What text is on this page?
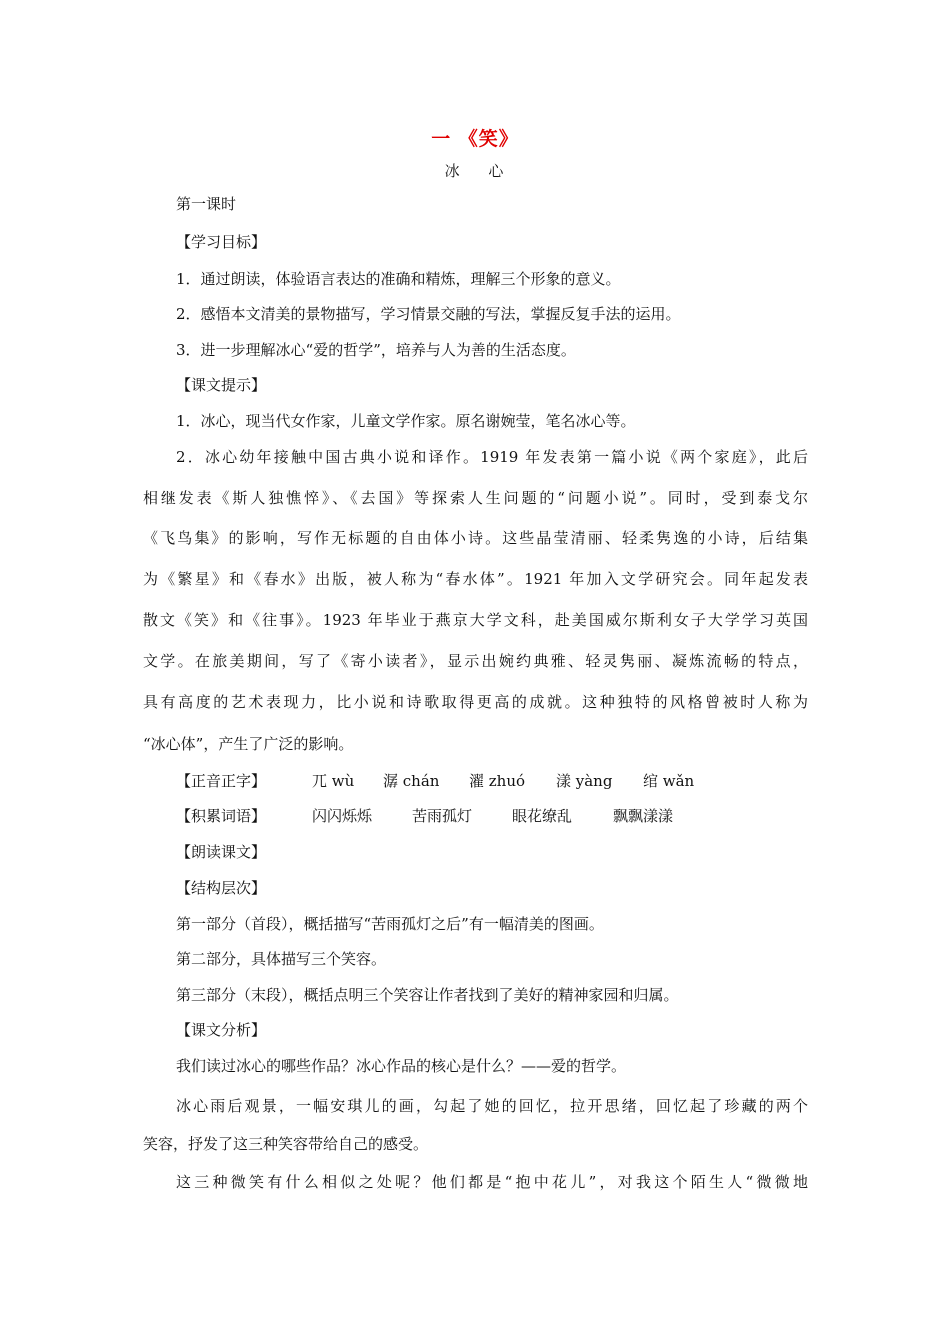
一 《笑》
冰 心
第一课时
【学习目标】
1．通过朗读，体验语言表达的准确和精炼，理解三个形象的意义。
2．感悟本文清美的景物描写，学习情景交融的写法，掌握反复手法的运用。
3．进一步理解冰心“爱的哲学”，培养与人为善的生活态度。
【课文提示】
1．冰心，现当代女作家，儿童文学作家。原名谢婉莹，笔名冰心等。
2．冰心幼年接触中国古典小说和译作。1919 年发表第一篇小说《两个家庭》，此后
相继发表《斯人独憔悴》、《去国》等探索人生问题的“问题小说”。同时，受到泰戈尔
《飞鸟集》的影响，写作无标题的自由体小诗。这些晶莹清丽、轻柔隽逸的小诗，后结集
为《繁星》和《春水》出版，被人称为“春水体”。1921 年加入文学研究会。同年起发表
散文《笑》和《往事》。1923 年毕业于燕京大学文科，赴美国威尔斯利女子大学学习英国
文学。在旅美期间，写了《寄小读者》，显示出婉约典雅、轻灵隽丽、凝炼流畅的特点，
具有高度的艺术表现力，比小说和诗歌取得更高的成就。这种独特的风格曾被时人称为
“冰心体”，产生了广泛的影响。
【正音正字】	兀 wù 潺 chán 濯 zhuó 漾 yàng 绾 wǎn
【积累词语】	闪闪烁烁	苦雨孤灯	眼花缭乱	飘飘漾漾
【朗读课文】
【结构层次】
第一部分（首段），概括描写“苦雨孤灯之后”有一幅清美的图画。
第二部分，具体描写三个笑容。
第三部分（末段），概括点明三个笑容让作者找到了美好的精神家园和归属。
【课文分析】
我们读过冰心的哪些作品？冰心作品的核心是什么？——爱的哲学。
冰心雨后观景，一幅安琪儿的画，勾起了她的回忆，拉开思绪，回忆起了珍藏的两个
笑容，抒发了这三种笑容带给自己的感受。
这三种微笑有什么相似之处呢？他们都是“抱中花儿”，对我这个陌生人“微微地
